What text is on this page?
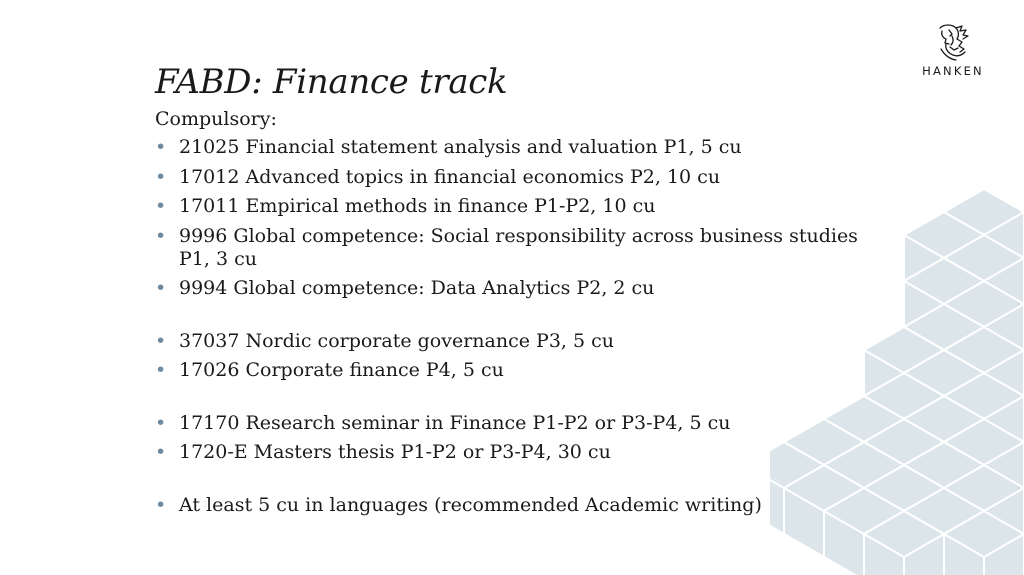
HANKEN
FABD: Finance track
Compulsory:
• 21025 Financial statement analysis and valuation P1, 5 cu
• 17012 Advanced topics in financial economics P2, 10 cu
• 17011 Empirical methods in finance P1-P2, 10 cu
• 9996 Global competence: Social responsibility across business studies P1, 3 cu
• 9994 Global competence: Data Analytics P2, 2 cu
• 37037 Nordic corporate governance P3, 5 cu
• 17026 Corporate finance P4, 5 cu
• 17170 Research seminar in Finance P1-P2 or P3-P4, 5 cu
• 1720-E Masters thesis P1-P2 or P3-P4, 30 cu
• At least 5 cu in languages (recommended Academic writing)
